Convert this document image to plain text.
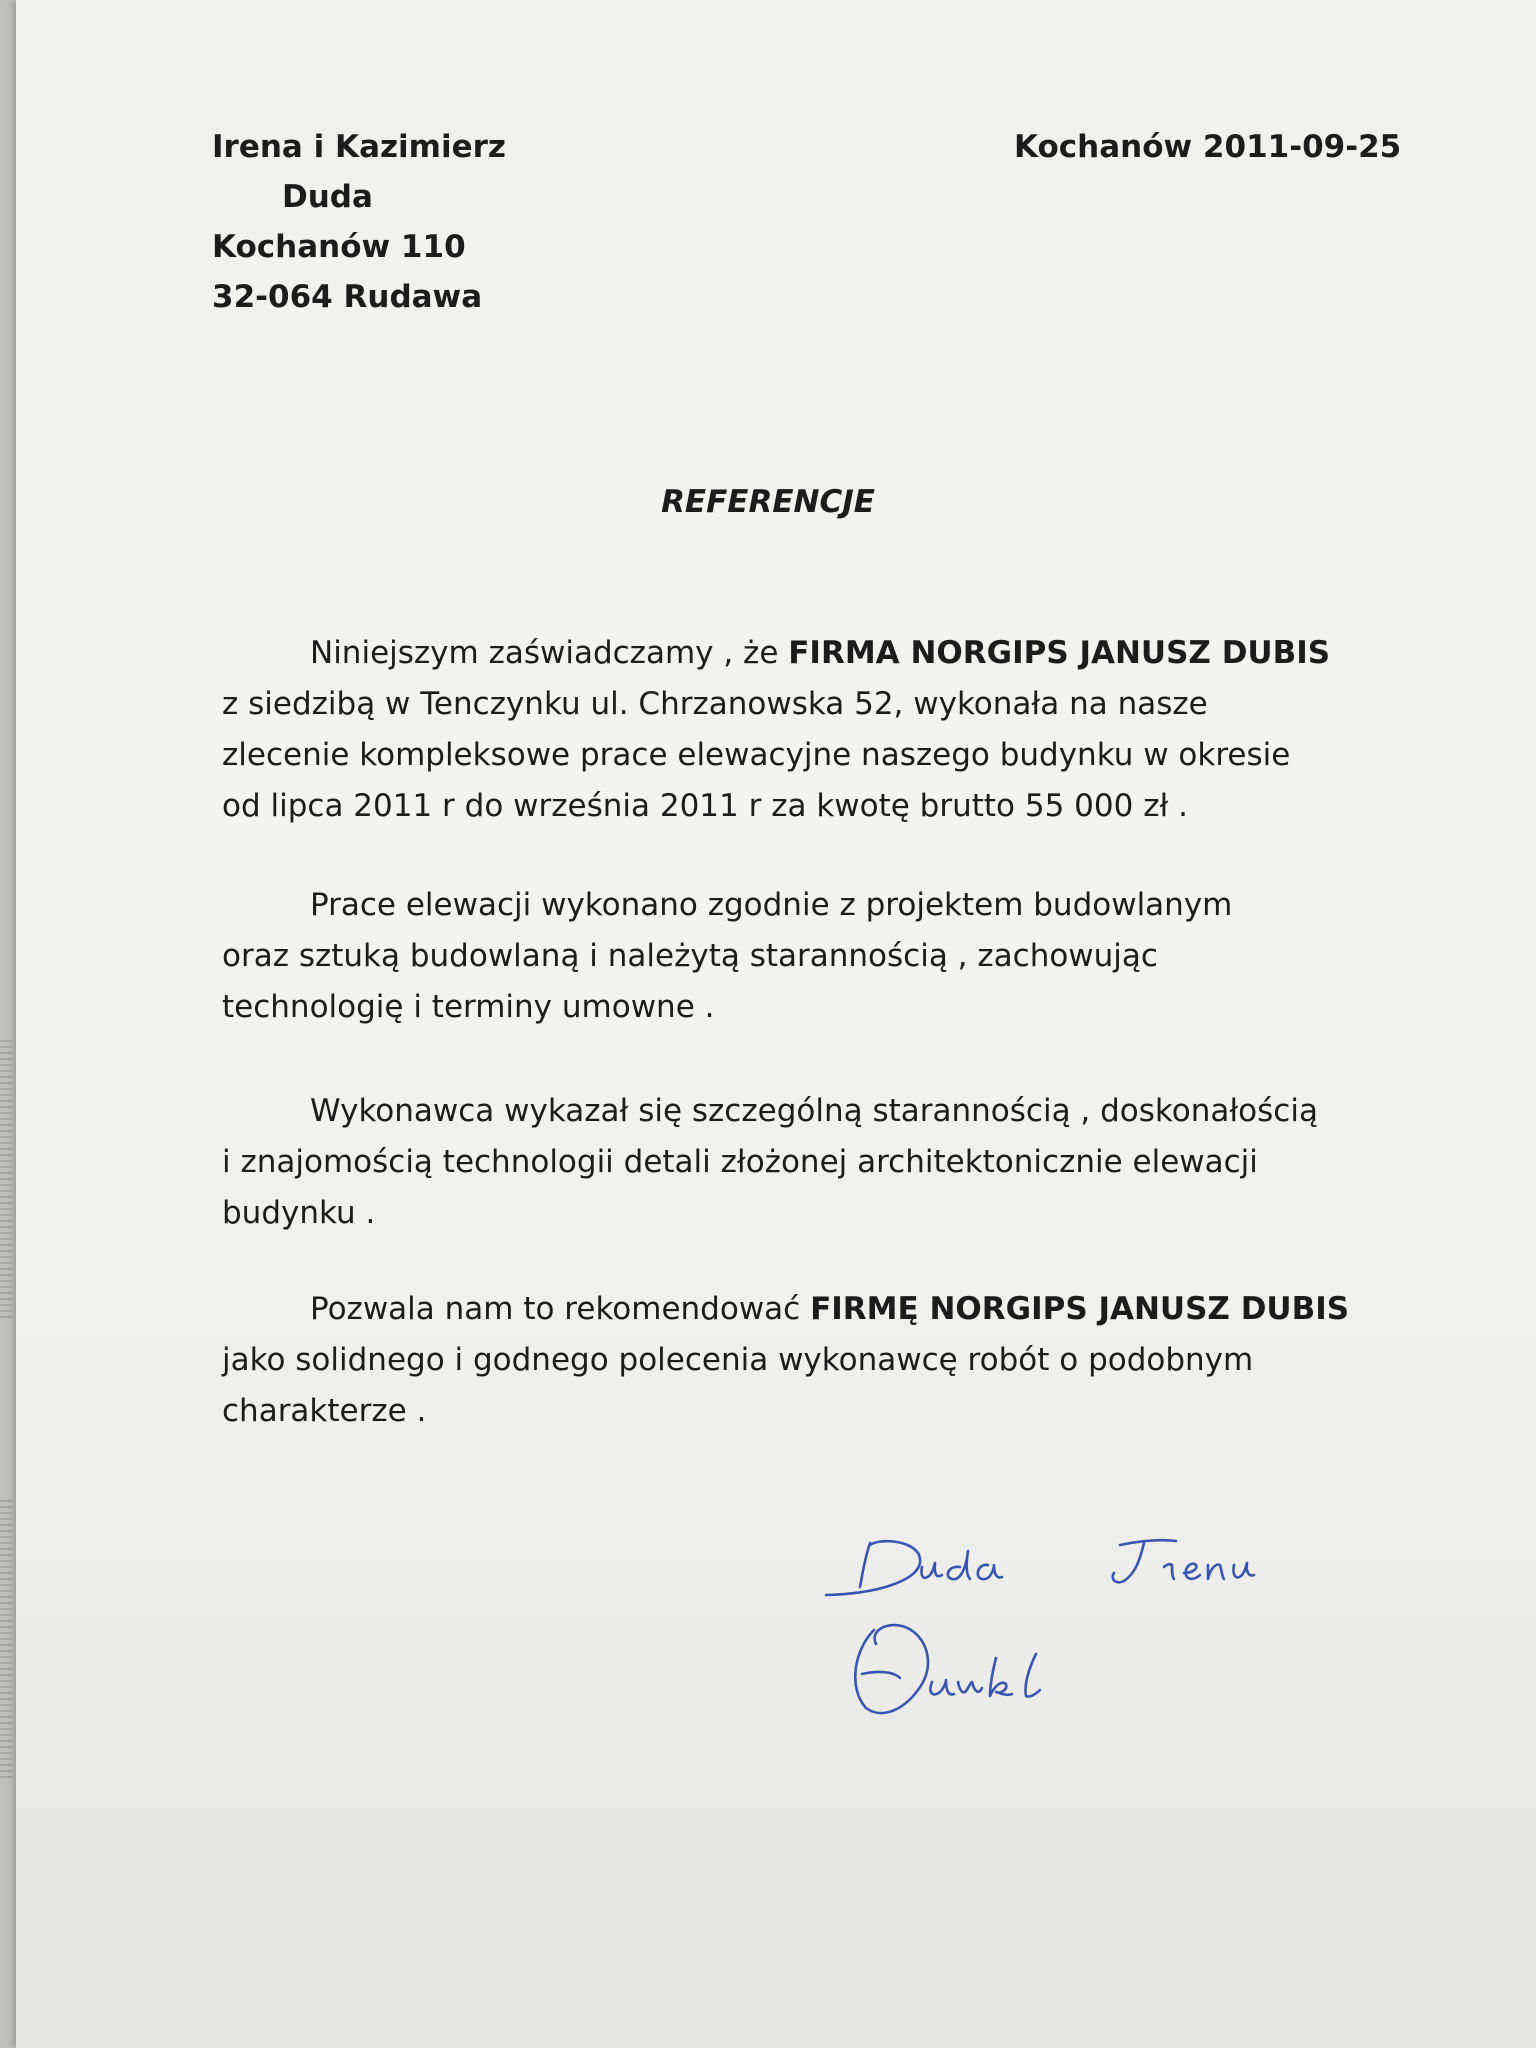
Irena i Kazimierz
Duda
Kochanów 110
32-064 Rudawa
Kochanów 2011-09-25
REFERENCJE
Niniejszym zaświadczamy , że FIRMA NORGIPS JANUSZ DUBIS
z siedzibą w Tenczynku ul. Chrzanowska 52, wykonała na nasze
zlecenie kompleksowe prace elewacyjne naszego budynku w okresie
od lipca 2011 r do września 2011 r za kwotę brutto 55 000 zł .
Prace elewacji wykonano zgodnie z projektem budowlanym
oraz sztuką budowlaną i należytą starannością , zachowując
technologię i terminy umowne .
Wykonawca wykazał się szczególną starannością , doskonałością
i znajomością technologii detali złożonej architektonicznie elewacji
budynku .
Pozwala nam to rekomendować FIRMĘ NORGIPS JANUSZ DUBIS
jako solidnego i godnego polecenia wykonawcę robót o podobnym
charakterze .
